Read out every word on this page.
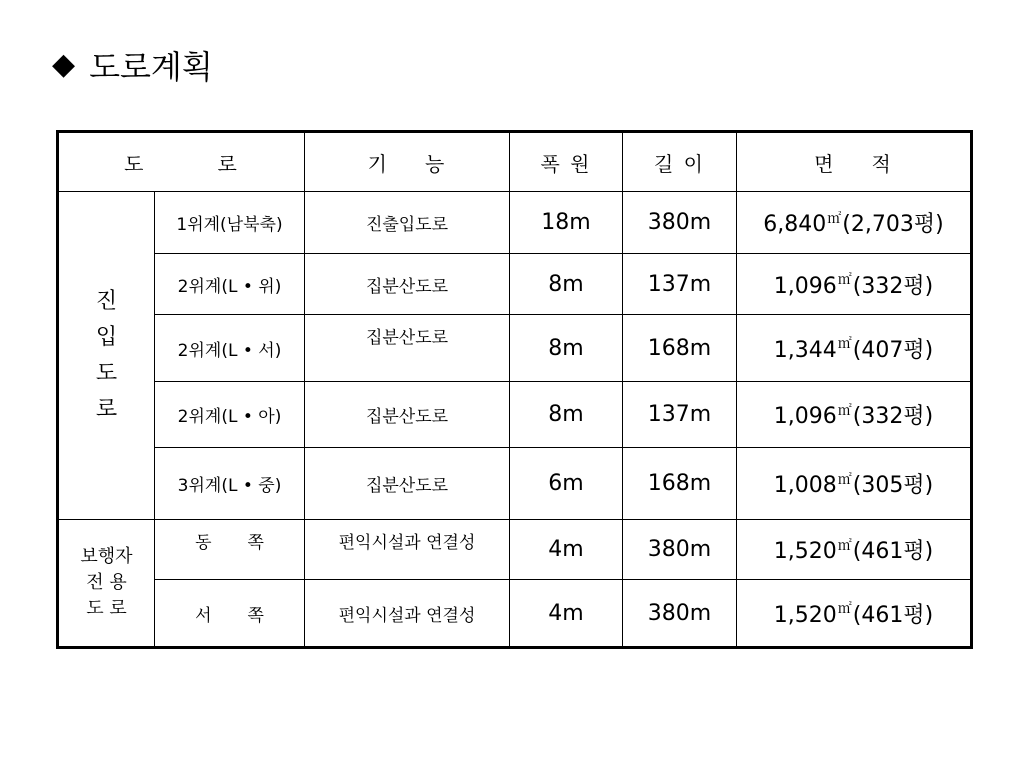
◆ 도로계획
도 로		기 능	폭 원	길 이	면 적

진
입
도
로	1위계(남북축)	진출입도로	18m	380m	6,840㎡(2,703평)
	2위계(L • 위)	집분산도로	8m	137m	1,096㎡(332평)
	2위계(L • 서)	집분산도로	8m	168m	1,344㎡(407평)
	2위계(L • 아)	집분산도로	8m	137m	1,096㎡(332평)
	3위계(L • 중)	집분산도로	6m	168m	1,008㎡(305평)

보행자
전 용
도 로	동 쪽	편익시설과 연결성	4m	380m	1,520㎡(461평)
	서 쪽	편익시설과 연결성	4m	380m	1,520㎡(461평)
